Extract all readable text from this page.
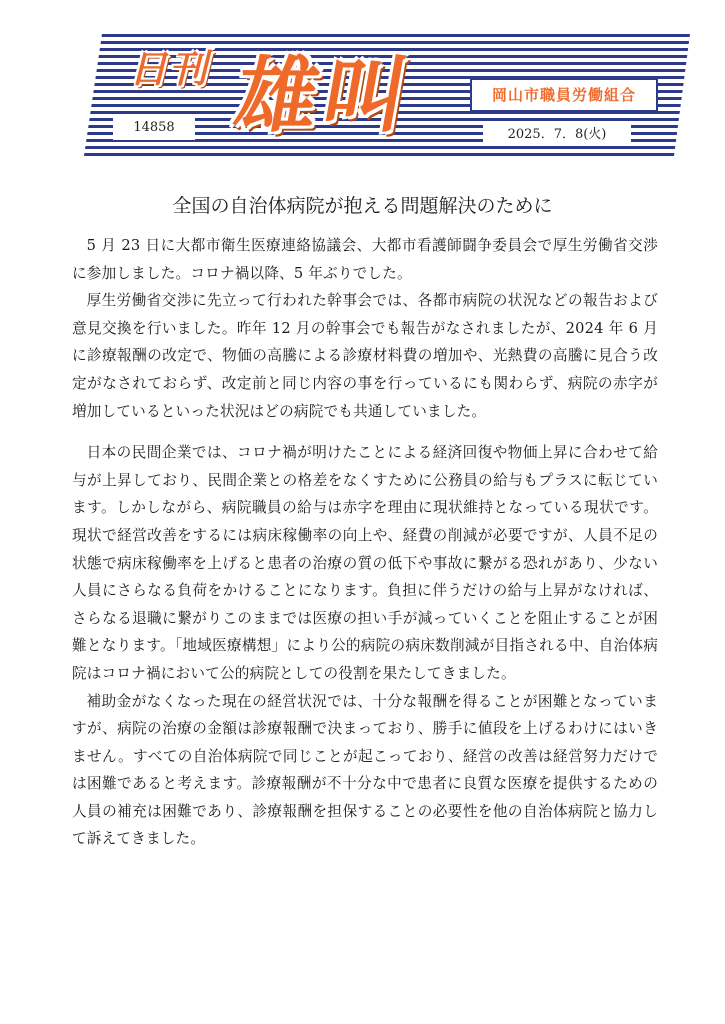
日刊 雄叫
14858
岡山市職員労働組合
2025．7．8(火)
全国の自治体病院が抱える問題解決のために

5 月 23 日に大都市衛生医療連絡協議会、大都市看護師闘争委員会で厚生労働省交渉に参加しました。コロナ禍以降、5 年ぶりでした。

厚生労働省交渉に先立って行われた幹事会では、各都市病院の状況などの報告および意見交換を行いました。昨年 12 月の幹事会でも報告がなされましたが、2024 年 6 月に診療報酬の改定で、物価の高騰による診療材料費の増加や、光熱費の高騰に見合う改定がなされておらず、改定前と同じ内容の事を行っているにも関わらず、病院の赤字が増加しているといった状況はどの病院でも共通していました。

日本の民間企業では、コロナ禍が明けたことによる経済回復や物価上昇に合わせて給与が上昇しており、民間企業との格差をなくすために公務員の給与もプラスに転じています。しかしながら、病院職員の給与は赤字を理由に現状維持となっている現状です。現状で経営改善をするには病床稼働率の向上や、経費の削減が必要ですが、人員不足の状態で病床稼働率を上げると患者の治療の質の低下や事故に繋がる恐れがあり、少ない人員にさらなる負荷をかけることになります。負担に伴うだけの給与上昇がなければ、さらなる退職に繋がりこのままでは医療の担い手が減っていくことを阻止することが困難となります。「地域医療構想」により公的病院の病床数削減が目指される中、自治体病院はコロナ禍において公的病院としての役割を果たしてきました。

補助金がなくなった現在の経営状況では、十分な報酬を得ることが困難となっていますが、病院の治療の金額は診療報酬で決まっており、勝手に値段を上げるわけにはいきません。すべての自治体病院で同じことが起こっており、経営の改善は経営努力だけでは困難であると考えます。診療報酬が不十分な中で患者に良質な医療を提供するための人員の補充は困難であり、診療報酬を担保することの必要性を他の自治体病院と協力して訴えてきました。
